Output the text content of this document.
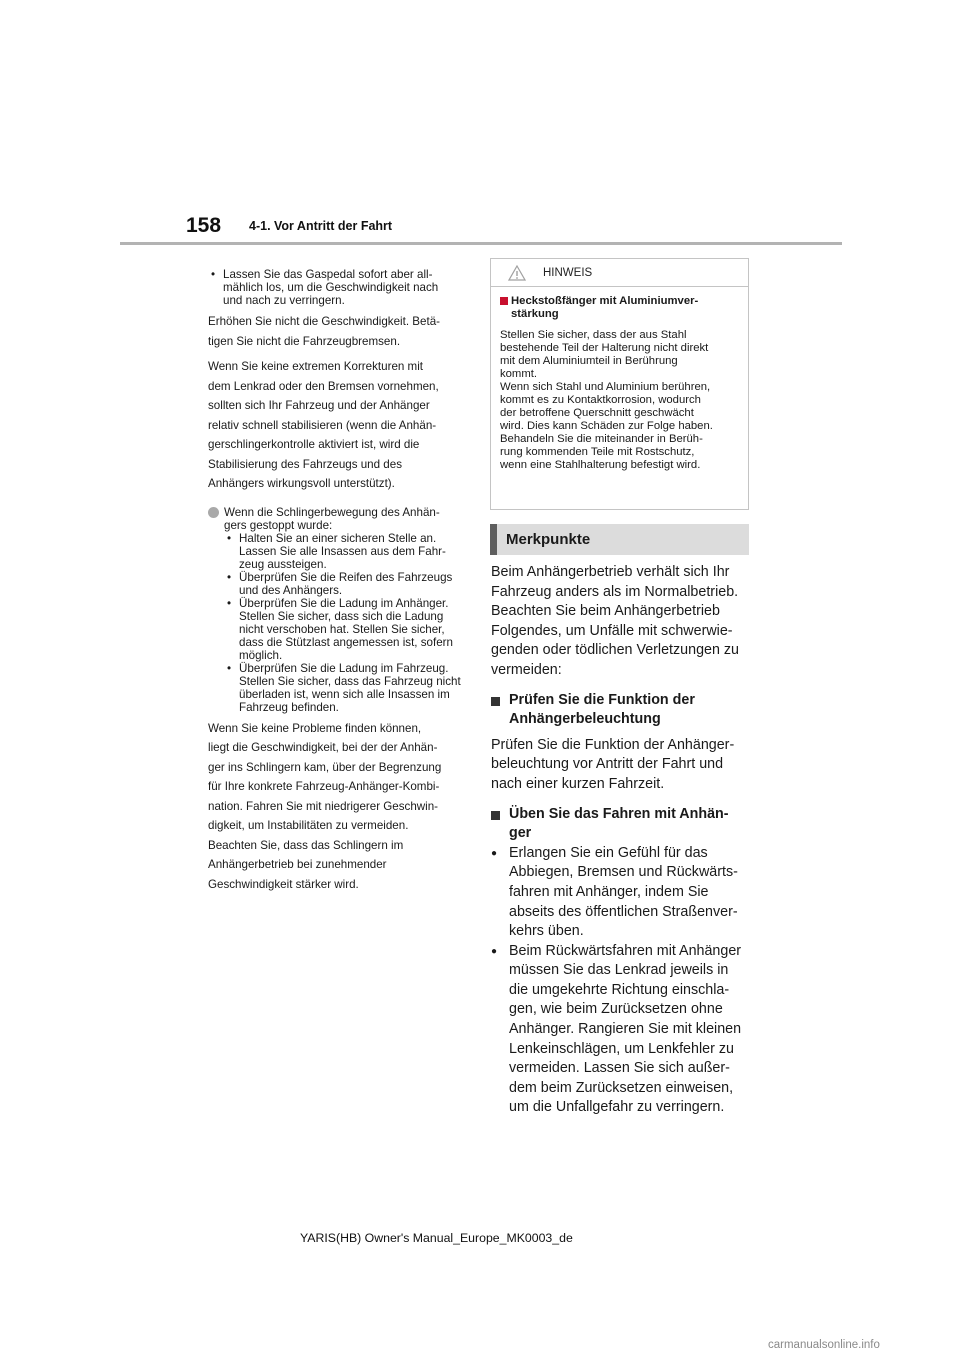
158 4-1. Vor Antritt der Fahrt

• Lassen Sie das Gaspedal sofort aber all-
mählich los, um die Geschwindigkeit nach
und nach zu verringern.

Erhöhen Sie nicht die Geschwindigkeit. Betä-
tigen Sie nicht die Fahrzeugbremsen.

Wenn Sie keine extremen Korrekturen mit
dem Lenkrad oder den Bremsen vornehmen,
sollten sich Ihr Fahrzeug und der Anhänger
relativ schnell stabilisieren (wenn die Anhän-
gerschlingerkontrolle aktiviert ist, wird die
Stabilisierung des Fahrzeugs und des
Anhängers wirkungsvoll unterstützt).

Wenn die Schlingerbewegung des Anhän-
gers gestoppt wurde:

• Halten Sie an einer sicheren Stelle an.
Lassen Sie alle Insassen aus dem Fahr-
zeug aussteigen.

• Überprüfen Sie die Reifen des Fahrzeugs
und des Anhängers.

• Überprüfen Sie die Ladung im Anhänger.
Stellen Sie sicher, dass sich die Ladung
nicht verschoben hat. Stellen Sie sicher,
dass die Stützlast angemessen ist, sofern
möglich.

• Überprüfen Sie die Ladung im Fahrzeug.
Stellen Sie sicher, dass das Fahrzeug nicht
überladen ist, wenn sich alle Insassen im
Fahrzeug befinden.

Wenn Sie keine Probleme finden können,
liegt die Geschwindigkeit, bei der der Anhän-
ger ins Schlingern kam, über der Begrenzung
für Ihre konkrete Fahrzeug-Anhänger-Kombi-
nation. Fahren Sie mit niedrigerer Geschwin-
digkeit, um Instabilitäten zu vermeiden.
Beachten Sie, dass das Schlingern im
Anhängerbetrieb bei zunehmender
Geschwindigkeit stärker wird.

HINWEIS
Heckstoßfänger mit Aluminiumver-
stärkung

Stellen Sie sicher, dass der aus Stahl
bestehende Teil der Halterung nicht direkt
mit dem Aluminiumteil in Berührung
kommt.
Wenn sich Stahl und Aluminium berühren,
kommt es zu Kontaktkorrosion, wodurch
der betroffene Querschnitt geschwächt
wird. Dies kann Schäden zur Folge haben.
Behandeln Sie die miteinander in Berüh-
rung kommenden Teile mit Rostschutz,
wenn eine Stahlhalterung befestigt wird.

Merkpunkte

Beim Anhängerbetrieb verhält sich Ihr
Fahrzeug anders als im Normalbetrieb.
Beachten Sie beim Anhängerbetrieb
Folgendes, um Unfälle mit schwerwie-
genden oder tödlichen Verletzungen zu
vermeiden:

Prüfen Sie die Funktion der
Anhängerbeleuchtung

Prüfen Sie die Funktion der Anhänger-
beleuchtung vor Antritt der Fahrt und
nach einer kurzen Fahrzeit.

Üben Sie das Fahren mit Anhän-
ger

● Erlangen Sie ein Gefühl für das
Abbiegen, Bremsen und Rückwärts-
fahren mit Anhänger, indem Sie
abseits des öffentlichen Straßenver-
kehrs üben.

● Beim Rückwärtsfahren mit Anhänger
müssen Sie das Lenkrad jeweils in
die umgekehrte Richtung einschla-
gen, wie beim Zurücksetzen ohne
Anhänger. Rangieren Sie mit kleinen
Lenkeinschlägen, um Lenkfehler zu
vermeiden. Lassen Sie sich außer-
dem beim Zurücksetzen einweisen,
um die Unfallgefahr zu verringern.

YARIS(HB) Owner's Manual_Europe_MK0003_de
carmanualsonline.info
